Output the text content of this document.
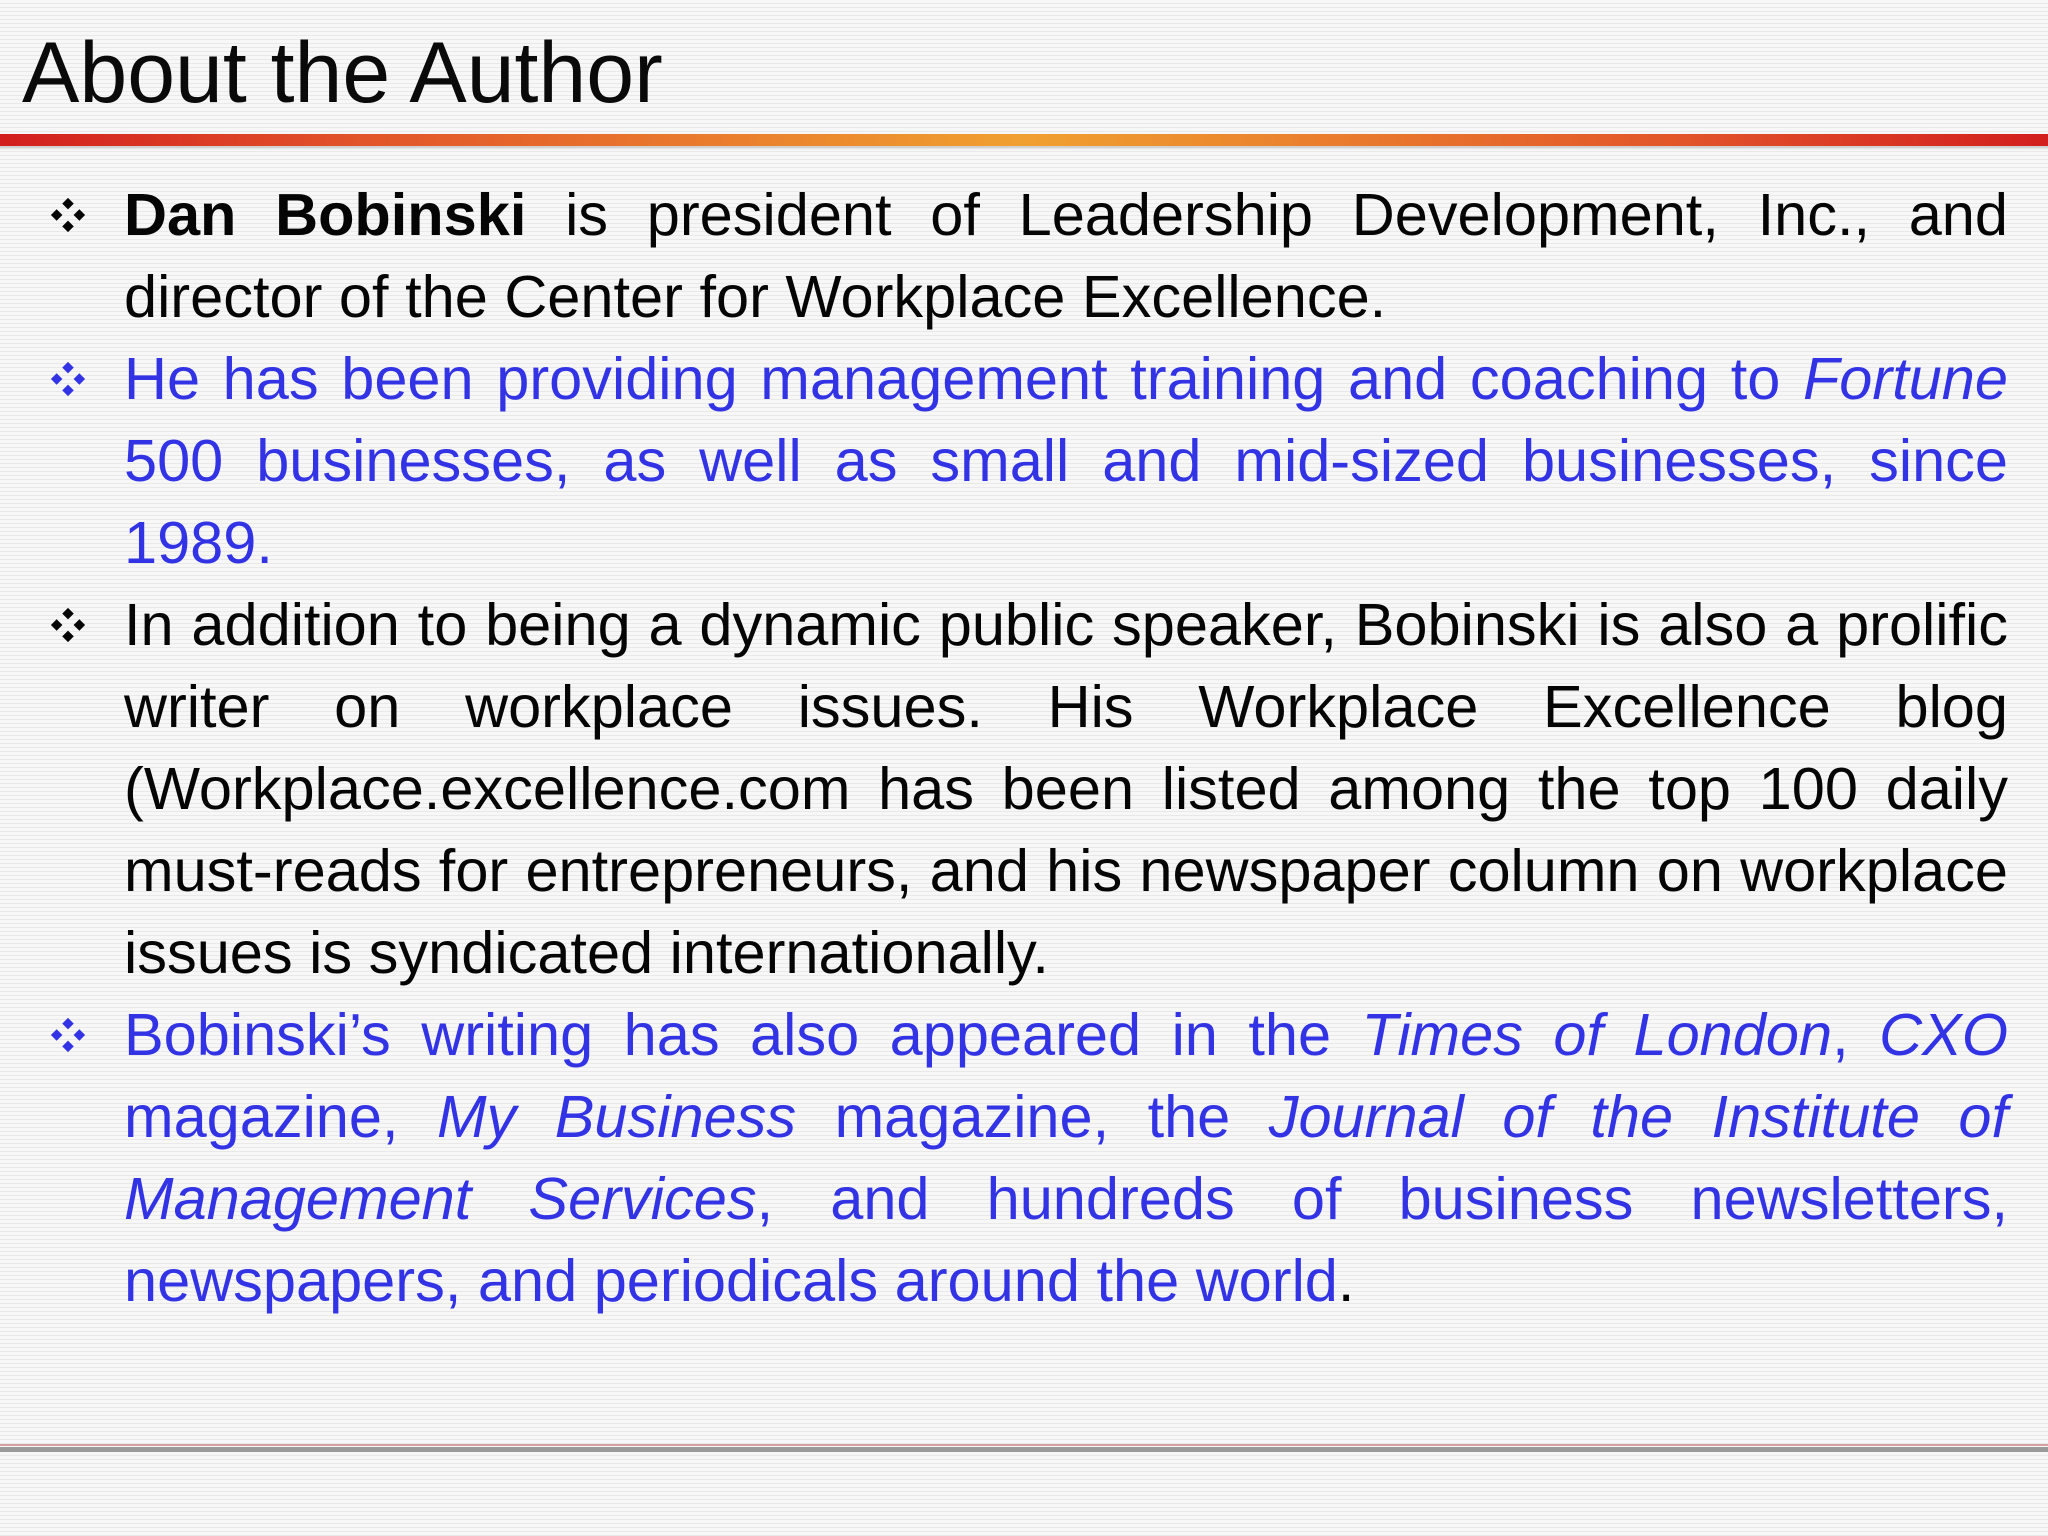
About the Author
Dan Bobinski is president of Leadership Development, Inc., and director of the Center for Workplace Excellence.
He has been providing management training and coaching to Fortune 500 businesses, as well as small and mid-sized businesses, since 1989.
In addition to being a dynamic public speaker, Bobinski is also a prolific writer on workplace issues. His Workplace Excellence blog (Workplace.excellence.com has been listed among the top 100 daily must-reads for entrepreneurs, and his newspaper column on workplace issues is syndicated internationally.
Bobinski’s writing has also appeared in the Times of London, CXO magazine, My Business magazine, the Journal of the Institute of Management Services, and hundreds of business newsletters, newspapers, and periodicals around the world.
